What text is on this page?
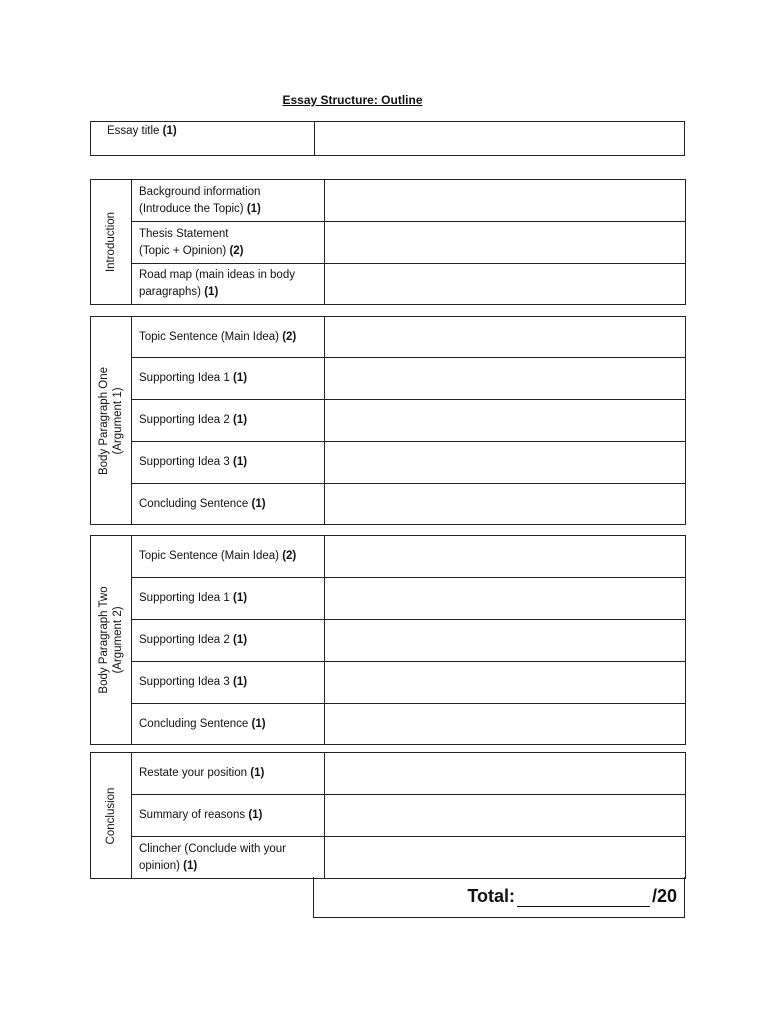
Essay Structure: Outline
Essay title (1)	
Introduction	Background information
(Introduce the Topic) (1)	
	Thesis Statement
(Topic + Opinion) (2)	
	Road map (main ideas in body
paragraphs) (1)	
Body Paragraph One (Argument 1)	Topic Sentence (Main Idea) (2)	
	Supporting Idea 1 (1)	
	Supporting Idea 2 (1)	
	Supporting Idea 3 (1)	
	Concluding Sentence (1)	
Body Paragraph Two (Argument 2)	Topic Sentence (Main Idea) (2)	
	Supporting Idea 1 (1)	
	Supporting Idea 2 (1)	
	Supporting Idea 3 (1)	
	Concluding Sentence (1)	
Conclusion	Restate your position (1)	
	Summary of reasons (1)	
	Clincher (Conclude with your
opinion) (1)	
Total:	/20
